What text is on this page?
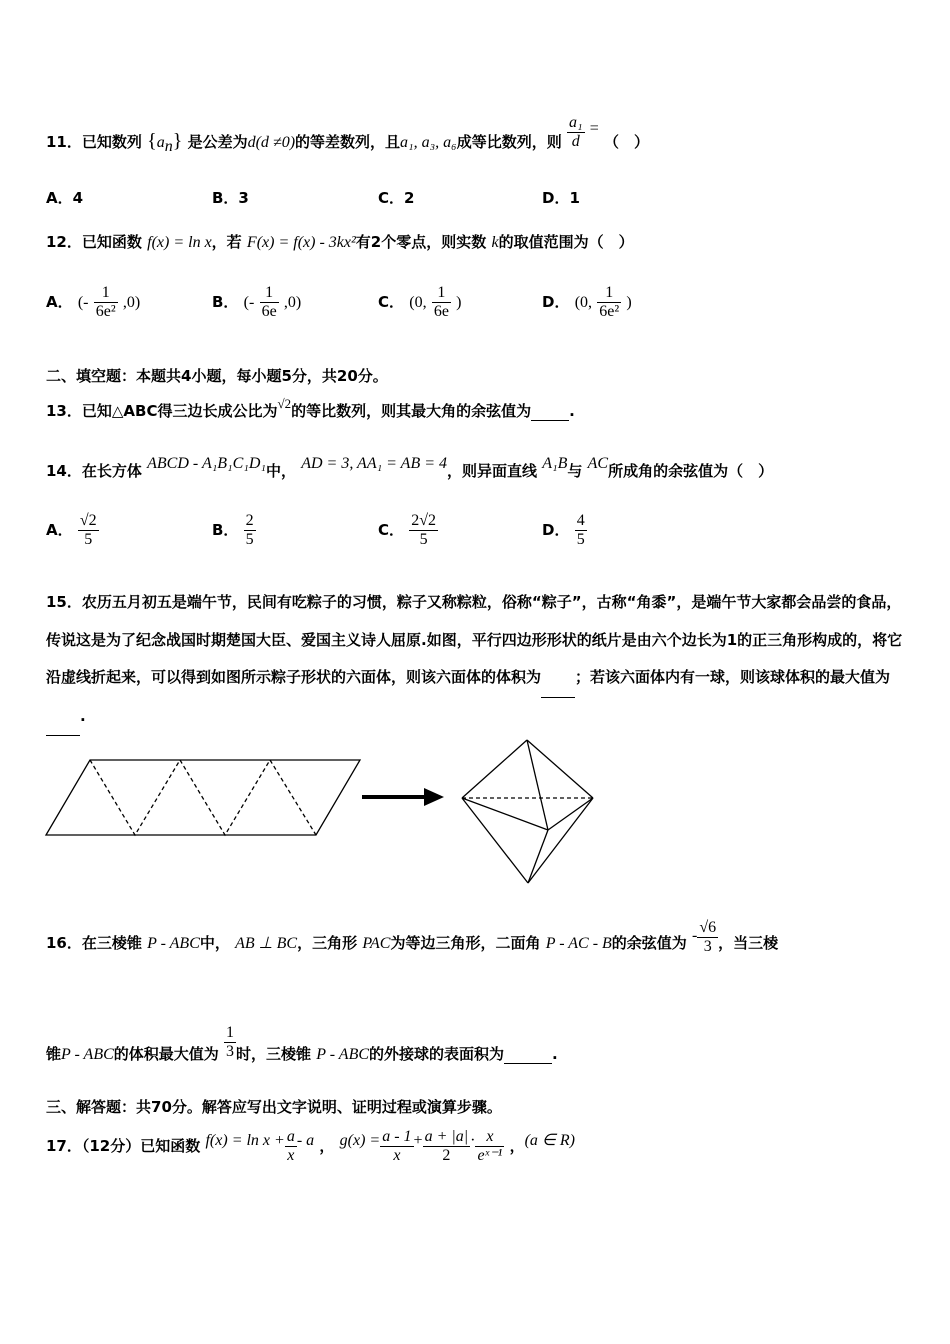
11．已知数列 $\{a_n\}$ 是公差为d(d ≠0)的等差数列，且a₁, a₃, a₆成等比数列，则 $\frac{\text{a₁}}{d}$ = （　）
A．4	B．3	C．2	D．1
12．已知函数 f(x) = ln x，若 F(x) = f(x) - 3kx²有2个零点，则实数 k的取值范围为（　）
A． (- $\frac{1}{\text{6e²}} ,0$)	B． (- $\frac{1}{6e} ,0$)	C． (0, $\frac{1}{6e}$ )	D． (0, $\frac{1}{\text{6e²}}$ )
二、填空题：本题共4小题，每小题5分，共20分。
13．已知△ABC得三边长成公比为√2的等比数列，则其最大角的余弦值为	.
14．在长方体 ABCD - A₁B₁C₁D₁中， AD = 3, AA₁ = AB = 4，则异面直线 A₁B与 AC所成角的余弦值为（　）
A． $\frac{√2}{5}$	B． $\frac{2}{5}$	C． $\frac{2√2}{5}$	D． $\frac{4}{5}$
15．农历五月初五是端午节，民间有吃粽子的习惯，粽子又称粽粒，俗称“粽子”，古称“角黍”，是端午节大家都会品尝的食品，传说这是为了纪念战国时期楚国大臣、爱国主义诗人屈原.如图，平行四边形形状的纸片是由六个边长为1的正三角形构成的，将它沿虚线折起来，可以得到如图所示粽子形状的六面体，则该六面体的体积为 ；若该六面体内有一球，则该球体积的最大值为 .
16．在三棱锥 P - ABC中， AB ⊥ BC，三角形 PAC为等边三角形，二面角 P - AC - B的余弦值为 - $\frac{√6}{3}$ ，当三棱
锥P - ABC的体积最大值为 $\frac{1}{3}$ 时，三棱锥 P - ABC的外接球的表面积为	.
三、解答题：共70分。解答应写出文字说明、证明过程或演算步骤。
17．（12分）已知函数 $f(x) = \ln x + \frac{a}{x} - a$ ， $g(x) = \frac{a - 1}{x} + \frac{a + |a|}{2} \cdot \frac{x}{\text{eˣ⁻¹}}$ ，(a ∈ R)
